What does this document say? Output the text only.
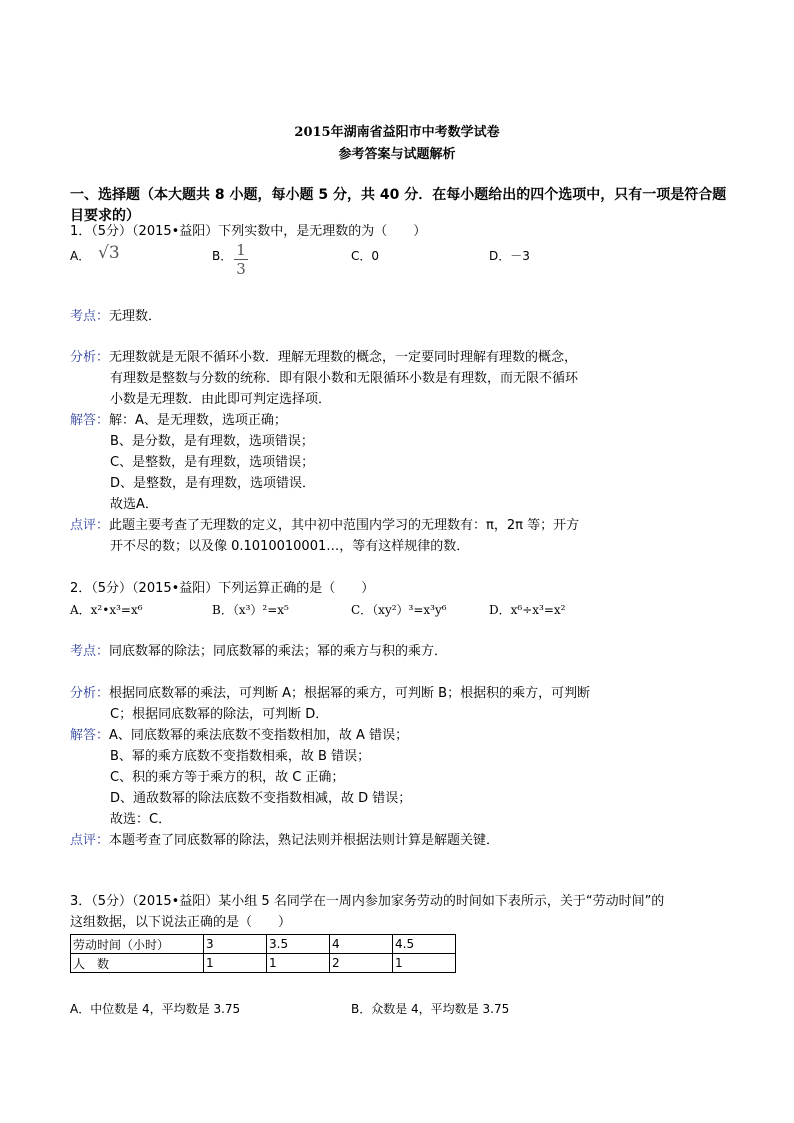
2015年湖南省益阳市中考数学试卷
参考答案与试题解析
一、选择题（本大题共 8 小题，每小题 5 分，共 40 分．在每小题给出的四个选项中，只有一项是符合题
目要求的）
1．（5分）（2015•益阳）下列实数中，是无理数的为（　　）
A． √3	B． 1
3
C．0	D．－3
考点：无理数．
分析：无理数就是无限不循环小数．理解无理数的概念，一定要同时理解有理数的概念，
有理数是整数与分数的统称．即有限小数和无限循环小数是有理数，而无限不循环
小数是无理数．由此即可判定选择项．
解答：解：A、是无理数，选项正确；
B、是分数，是有理数，选项错误；
C、是整数，是有理数，选项错误；
D、是整数，是有理数，选项错误．
故选A．
点评：此题主要考查了无理数的定义，其中初中范围内学习的无理数有：π，2π 等；开方
开不尽的数；以及像 0.1010010001…，等有这样规律的数．
2．（5分）（2015•益阳）下列运算正确的是（　　）
A．x²•x³=x⁶	B．（x³）²=x⁵	C．（xy²）³=x³y⁶	D．x⁶÷x³=x²
考点：同底数幂的除法；同底数幂的乘法；幂的乘方与积的乘方．
分析：根据同底数幂的乘法，可判断 A；根据幂的乘方，可判断 B；根据积的乘方，可判断
C；根据同底数幂的除法，可判断 D．
解答：A、同底数幂的乘法底数不变指数相加，故 A 错误；
B、幂的乘方底数不变指数相乘，故 B 错误；
C、积的乘方等于乘方的积，故 C 正确；
D、通敌数幂的除法底数不变指数相减，故 D 错误；
故选：C．
点评：本题考查了同底数幂的除法，熟记法则并根据法则计算是解题关键．
3．（5分）（2015•益阳）某小组 5 名同学在一周内参加家务劳动的时间如下表所示，关于“劳动时间”的
这组数据，以下说法正确的是（　　）
劳动时间（小时）	3	3.5	4	4.5
人　数	1	1	2	1
A．中位数是 4，平均数是 3.75	B．众数是 4，平均数是 3.75
